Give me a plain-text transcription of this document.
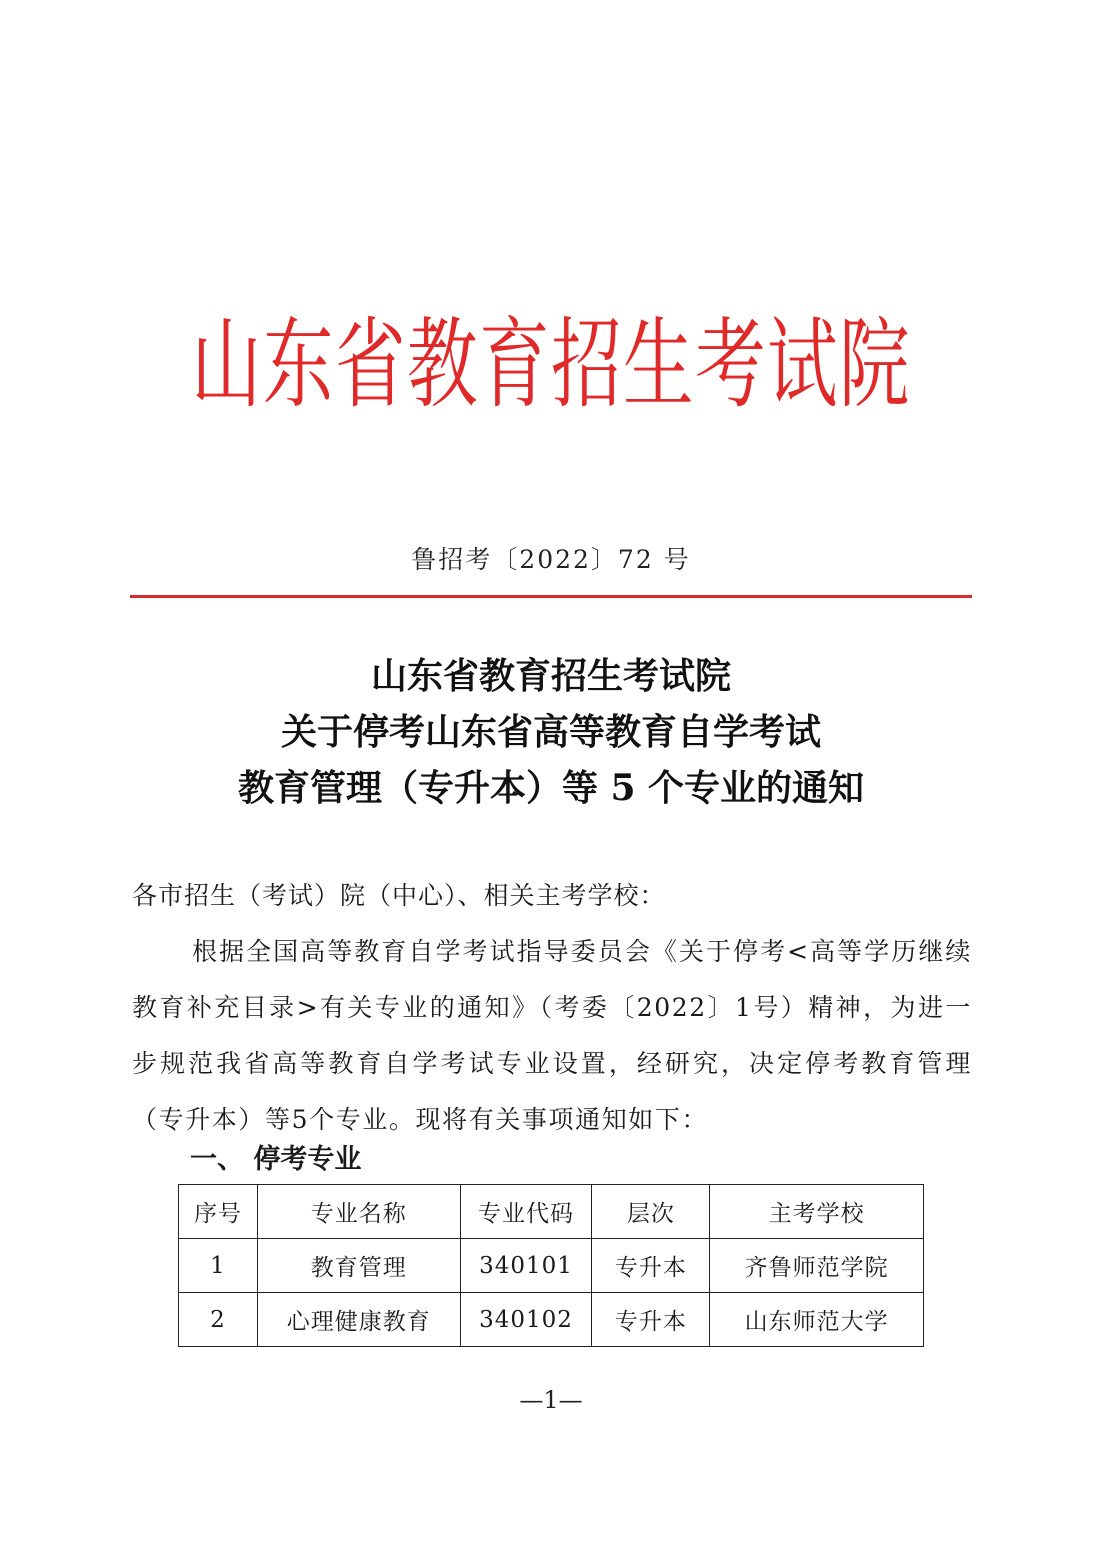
山东省教育招生考试院
鲁招考〔2022〕72 号
山东省教育招生考试院
关于停考山东省高等教育自学考试
教育管理（专升本）等 5 个专业的通知

各市招生（考试）院（中心）、相关主考学校：

根据全国高等教育自学考试指导委员会《关于停考<高等学历继续教育补充目录>有关专业的通知》（考委〔2022〕1号）精神，为进一步规范我省高等教育自学考试专业设置，经研究，决定停考教育管理（专升本）等5个专业。现将有关事项通知如下：

一、 停考专业
序号	专业名称	专业代码	层次	主考学校
1	教育管理	340101	专升本	齐鲁师范学院
2	心理健康教育	340102	专升本	山东师范大学
—1—
